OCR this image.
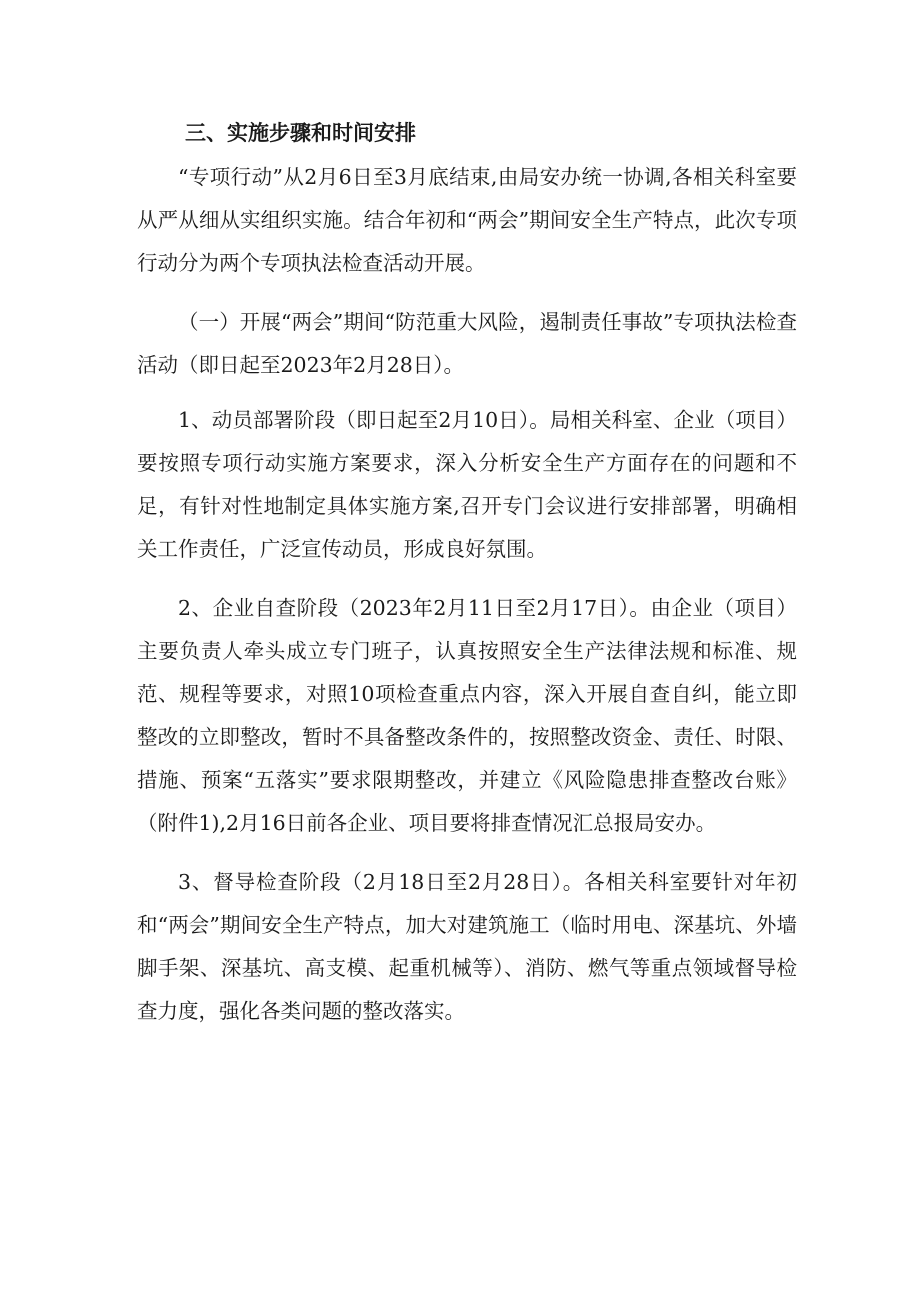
三、实施步骤和时间安排

“专项行动”从2月6日至3月底结束,由局安办统一协调,各相关科室要从严从细从实组织实施。结合年初和“两会”期间安全生产特点，此次专项行动分为两个专项执法检查活动开展。

（一）开展“两会”期间“防范重大风险，遏制责任事故”专项执法检查活动（即日起至2023年2月28日）。

1、动员部署阶段（即日起至2月10日）。局相关科室、企业（项目）要按照专项行动实施方案要求，深入分析安全生产方面存在的问题和不足，有针对性地制定具体实施方案,召开专门会议进行安排部署，明确相关工作责任，广泛宣传动员，形成良好氛围。

2、企业自查阶段（2023年2月11日至2月17日）。由企业（项目）主要负责人牵头成立专门班子，认真按照安全生产法律法规和标准、规范、规程等要求，对照10项检查重点内容，深入开展自查自纠，能立即整改的立即整改，暂时不具备整改条件的，按照整改资金、责任、时限、措施、预案“五落实”要求限期整改，并建立《风险隐患排查整改台账》（附件1),2月16日前各企业、项目要将排查情况汇总报局安办。

3、督导检查阶段（2月18日至2月28日）。各相关科室要针对年初和“两会”期间安全生产特点，加大对建筑施工（临时用电、深基坑、外墙脚手架、深基坑、高支模、起重机械等）、消防、燃气等重点领域督导检查力度，强化各类问题的整改落实。
